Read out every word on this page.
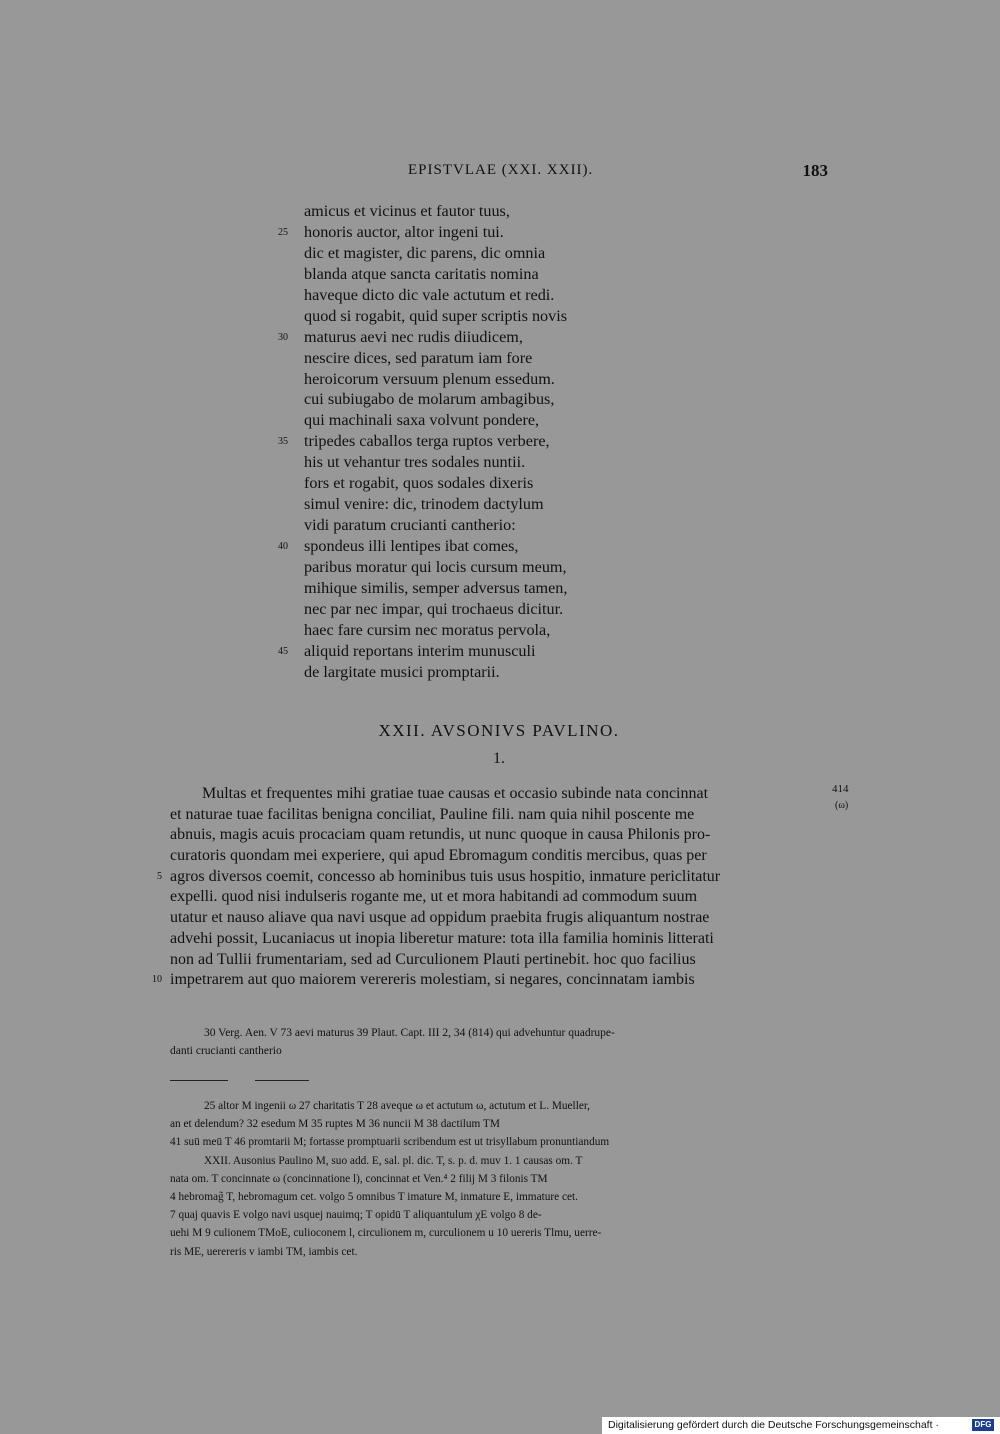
EPISTVLAE (XXI. XXII).	183
amicus et vicinus et fautor tuus,
25 honoris auctor, altor ingeni tui.
dic et magister, dic parens, dic omnia
blanda atque sancta caritatis nomina
haveque dicto dic vale actutum et redi.
quod si rogabit, quid super scriptis novis
30 maturus aevi nec rudis diiudicem,
nescire dices, sed paratum iam fore
heroicorum versuum plenum essedum.
cui subiugabo de molarum ambagibus,
qui machinali saxa volvunt pondere,
35 tripedes caballos terga ruptos verbere,
his ut vehantur tres sodales nuntii.
fors et rogabit, quos sodales dixeris
simul venire: dic, trinodem dactylum
vidi paratum crucianti cantherio:
40 spondeus illi lentipes ibat comes,
paribus moratur qui locis cursum meum,
mihique similis, semper adversus tamen,
nec par nec impar, qui trochaeus dicitur.
haec fare cursim nec moratus pervola,
45 aliquid reportans interim munusculi
de largitate musici promptarii.
XXII. AVSONIVS PAVLINO.
1.
414
(ω)
Multas et frequentes mihi gratiae tuae causas et occasio subinde nata concinnat
et naturae tuae facilitas benigna conciliat, Pauline fili. nam quia nihil poscente me
abnuis, magis acuis procaciam quam retundis, ut nunc quoque in causa Philonis pro-
curatoris quondam mei experiere, qui apud Ebromagum conditis mercibus, quas per
5 agros diversos coemit, concesso ab hominibus tuis usus hospitio, inmature periclitatur
expelli. quod nisi indulseris rogante me, ut et mora habitandi ad commodum suum
utatur et nauso aliave qua navi usque ad oppidum praebita frugis aliquantum nostrae
advehi possit, Lucaniacus ut inopia liberetur mature: tota illa familia hominis litterati
non ad Tullii frumentariam, sed ad Curculionem Plauti pertinebit. hoc quo facilius
10 impetrarem aut quo maiorem verereris molestiam, si negares, concinnatam iambis
30 Verg. Aen. V 73 aevi maturus 39 Plaut. Capt. III 2, 34 (814) qui advehuntur quadrupe-
danti crucianti cantherio
25 altor M ingenii ω 27 charitatis T 28 aveque ω et actutum ω, actutum et L. Mueller,
an et delendum? 32 esedum M 35 ruptes M 36 nuncii M 38 dactilum TM
41 suū meū T 46 promtarii M; fortasse promptuarii scribendum est ut trisyllabum pronuntiandum
XXII. Ausonius Paulino M, suo add. E, sal. pl. dic. T, s. p. d. muv 1. 1 causas om. T
nata om. T concinnate ω (concinnatione l), concinnat et Ven.⁴ 2 filij M 3 filonis TM
4 hebromag̃ T, hebromagum cet. volgo 5 omnibus T imature M, inmature E, immature cet.
7 quaj quavis E volgo navi usquej nauimq; T opidū T aliquantulum χE volgo 8 de-
uehi M 9 culionem TMoE, culioconem l, circulionem m, curculionem u 10 uereris Tlmu, uerre-
ris ME, uerereris v iambi TM, iambis cet.
Digitalisierung gefördert durch die Deutsche Forschungsgemeinschaft ·	DFG
